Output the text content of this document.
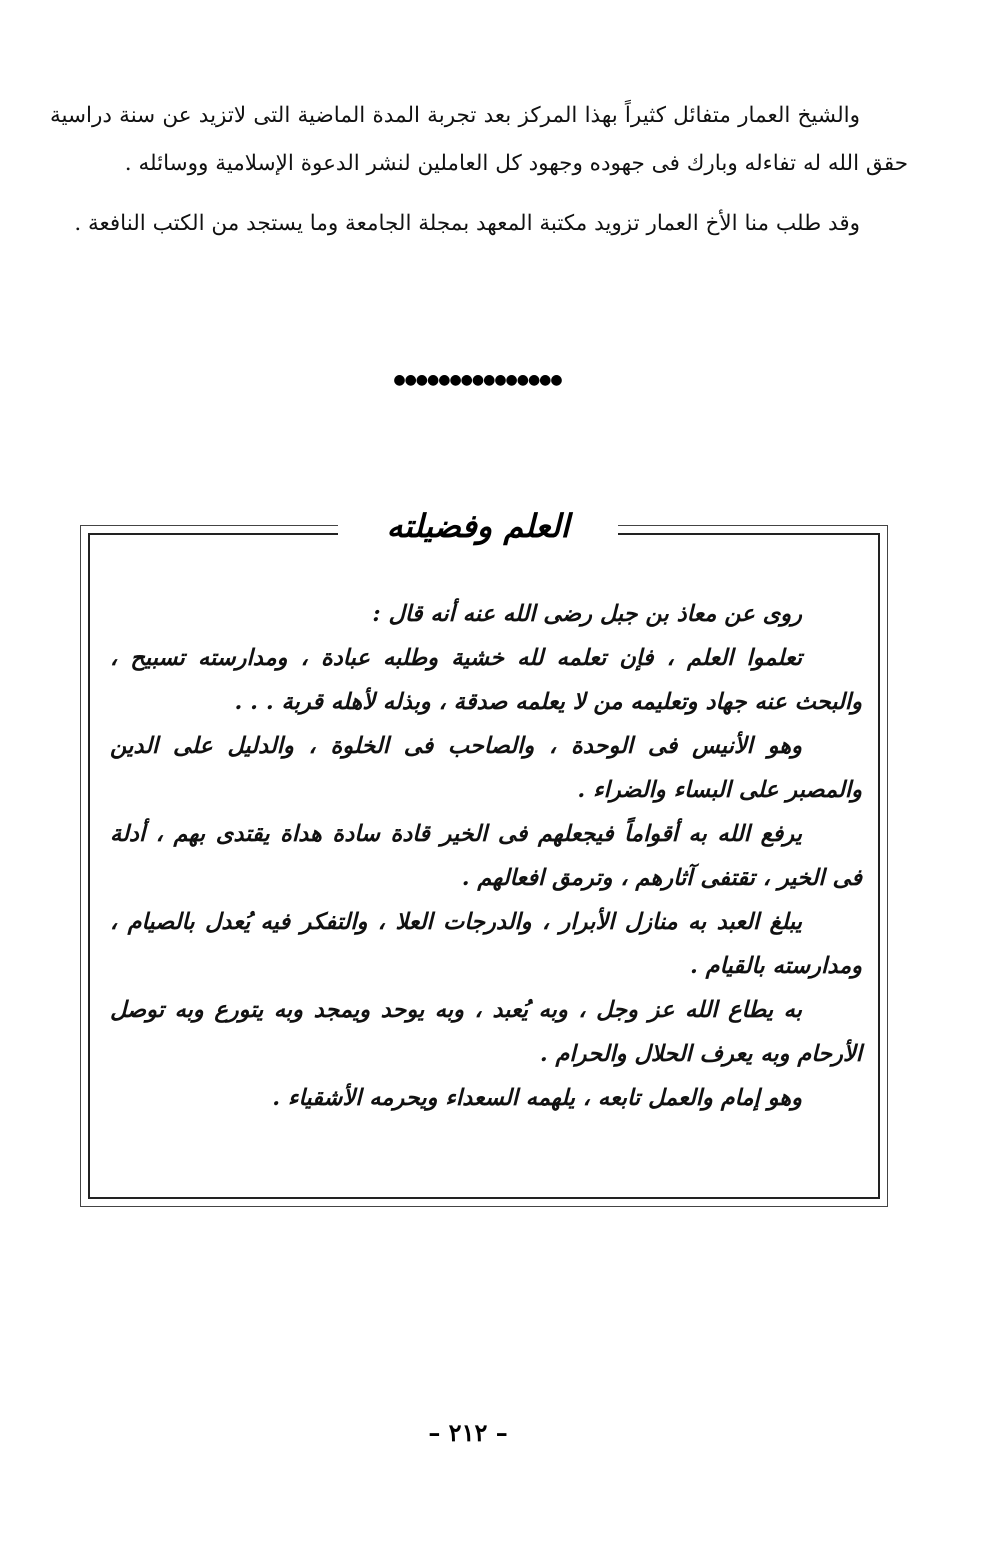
والشيخ العمار متفائل كثيراً بهذا المركز بعد تجربة المدة الماضية التى لاتزيد عن سنة دراسية حقق الله له تفاءله وبارك فى جهوده وجهود كل العاملين لنشر الدعوة الإسلامية ووسائله .

وقد طلب منا الأخ العمار تزويد مكتبة المعهد بمجلة الجامعة وما يستجد من الكتب النافعة .

●●●●●●●●●●●●●●●
العلم وفضيلته

روى عن معاذ بن جبل رضى الله عنه أنه قال :

تعلموا العلم ، فإن تعلمه لله خشية وطلبه عبادة ، ومدارسته تسبيح ، والبحث عنه جهاد وتعليمه من لا يعلمه صدقة ، وبذله لأهله قربة . . .

وهو الأنيس فى الوحدة ، والصاحب فى الخلوة ، والدليل على الدين والمصبر على البساء والضراء .

يرفع الله به أقواماً فيجعلهم فى الخير قادة سادة هداة يقتدى بهم ، أدلة فى الخير ، تقتفى آثارهم ، وترمق افعالهم .

يبلغ العبد به منازل الأبرار ، والدرجات العلا ، والتفكر فيه يُعدل بالصيام ، ومدارسته بالقيام .

به يطاع الله عز وجل ، وبه يُعبد ، وبه يوحد ويمجد وبه يتورع وبه توصل الأرحام وبه يعرف الحلال والحرام .

وهو إمام والعمل تابعه ، يلهمه السعداء ويحرمه الأشقياء .

– ٢١٢ –
